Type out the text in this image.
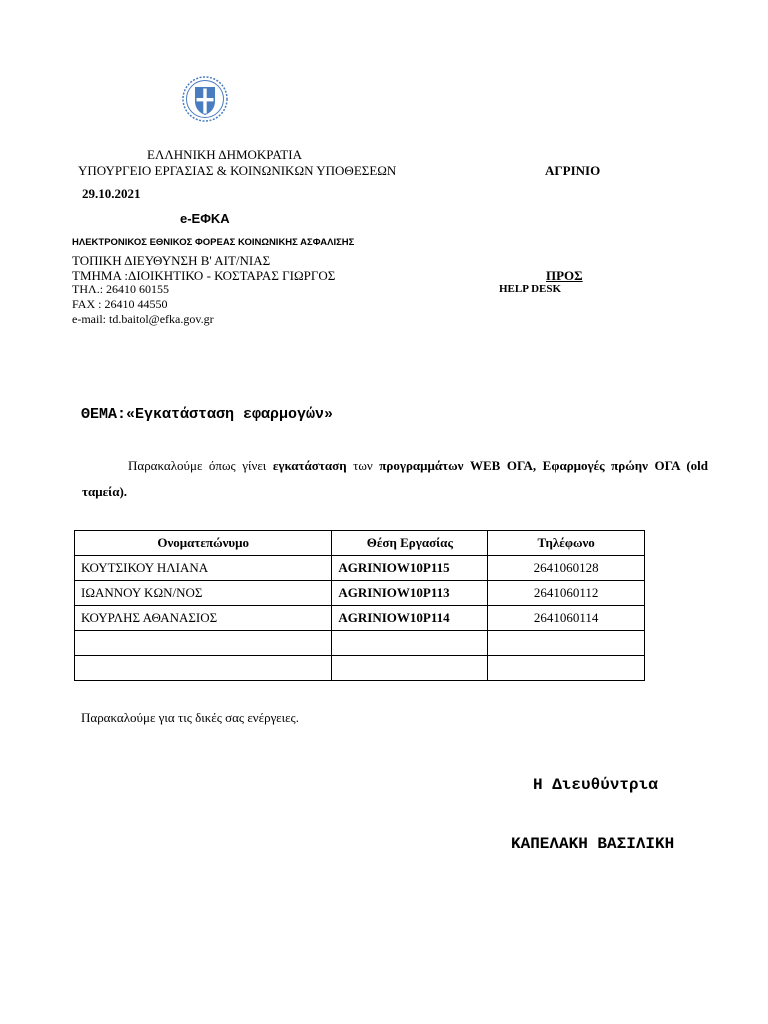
ΕΛΛΗΝΙΚΗ ΔΗΜΟΚΡΑΤΙΑ
ΥΠΟΥΡΓΕΙΟ ΕΡΓΑΣΙΑΣ & ΚΟΙΝΩΝΙΚΩΝ ΥΠΟΘΕΣΕΩΝ	ΑΓΡΙΝΙΟ
29.10.2021
e-ΕΦΚΑ
ΗΛΕΚΤΡΟΝΙΚΟΣ ΕΘΝΙΚΟΣ ΦΟΡΕΑΣ ΚΟΙΝΩΝΙΚΗΣ ΑΣΦΑΛΙΣΗΣ
ΤΟΠΙΚΗ ΔΙΕΥΘΥΝΣΗ Β' ΑΙΤ/ΝΙΑΣ
ΤΜΗΜΑ :ΔΙΟΙΚΗΤΙΚΟ - ΚΟΣΤΑΡΑΣ ΓΙΩΡΓΟΣ	ΠΡΟΣ
ΤΗΛ.: 26410 60155	HELP DESK
FAX : 26410 44550
e-mail: td.baitol@efka.gov.gr
ΘΕΜΑ:«Εγκατάσταση εφαρμογών»
Παρακαλούμε όπως γίνει εγκατάσταση των προγραμμάτων WEB ΟΓΑ, Εφαρμογές πρώην ΟΓΑ (old ταμεία).
Ονοματεπώνυμο	Θέση Εργασίας	Τηλέφωνο
ΚΟΥΤΣΙΚΟΥ ΗΛΙΑΝΑ	AGRINIOW10P115	2641060128
ΙΩΑΝΝΟΥ ΚΩΝ/ΝΟΣ	AGRINIOW10P113	2641060112
ΚΟΥΡΛΗΣ ΑΘΑΝΑΣΙΟΣ	AGRINIOW10P114	2641060114

Παρακαλούμε για τις δικές σας ενέργειες.
Η Διευθύντρια
ΚΑΠΕΛΑΚΗ ΒΑΣΙΛΙΚΗ
